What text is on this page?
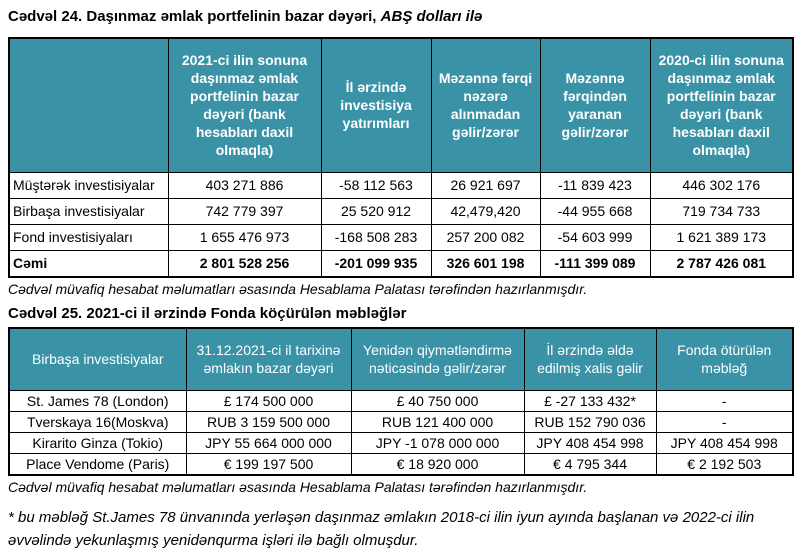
Cədvəl 24. Daşınmaz əmlak portfelinin bazar dəyəri, ABŞ dolları ilə
	2021-ci ilin sonuna daşınmaz əmlak portfelinin bazar dəyəri (bank hesabları daxil olmaqla)	İl ərzində investisiya yatırımları	Məzənnə fərqi nəzərə alınmadan gəlir/zərər	Məzənnə fərqindən yaranan gəlir/zərər	2020-ci ilin sonuna daşınmaz əmlak portfelinin bazar dəyəri (bank hesabları daxil olmaqla)
Müştərək investisiyalar	403 271 886	-58 112 563	26 921 697	-11 839 423	446 302 176
Birbaşa investisiyalar	742 779 397	25 520 912	42,479,420	-44 955 668	719 734 733
Fond investisiyaları	1 655 476 973	-168 508 283	257 200 082	-54 603 999	1 621 389 173
Cəmi	2 801 528 256	-201 099 935	326 601 198	-111 399 089	2 787 426 081
Cədvəl müvafiq hesabat məlumatları əsasında Hesablama Palatası tərəfindən hazırlanmışdır.
Cədvəl 25. 2021-ci il ərzində Fonda köçürülən məbləğlər
Birbaşa investisiyalar	31.12.2021-ci il tarixinə əmlakın bazar dəyəri	Yenidən qiymətləndirmə nəticəsində gəlir/zərər	İl ərzində əldə edilmiş xalis gəlir	Fonda ötürülən məbləğ
St. James 78 (London)	£ 174 500 000	£ 40 750 000	£ -27 133 432*	-
Tverskaya 16(Moskva)	RUB 3 159 500 000	RUB 121 400 000	RUB 152 790 036	-
Kirarito Ginza (Tokio)	JPY 55 664 000 000	JPY -1 078 000 000	JPY 408 454 998	JPY 408 454 998
Place Vendome (Paris)	€ 199 197 500	€ 18 920 000	€ 4 795 344	€ 2 192 503
Cədvəl müvafiq hesabat məlumatları əsasında Hesablama Palatası tərəfindən hazırlanmışdır.
* bu məbləğ St.James 78 ünvanında yerləşən daşınmaz əmlakın 2018-ci ilin iyun ayında başlanan və 2022-ci ilin əvvəlində yekunlaşmış yenidənqurma işləri ilə bağlı olmuşdur.
